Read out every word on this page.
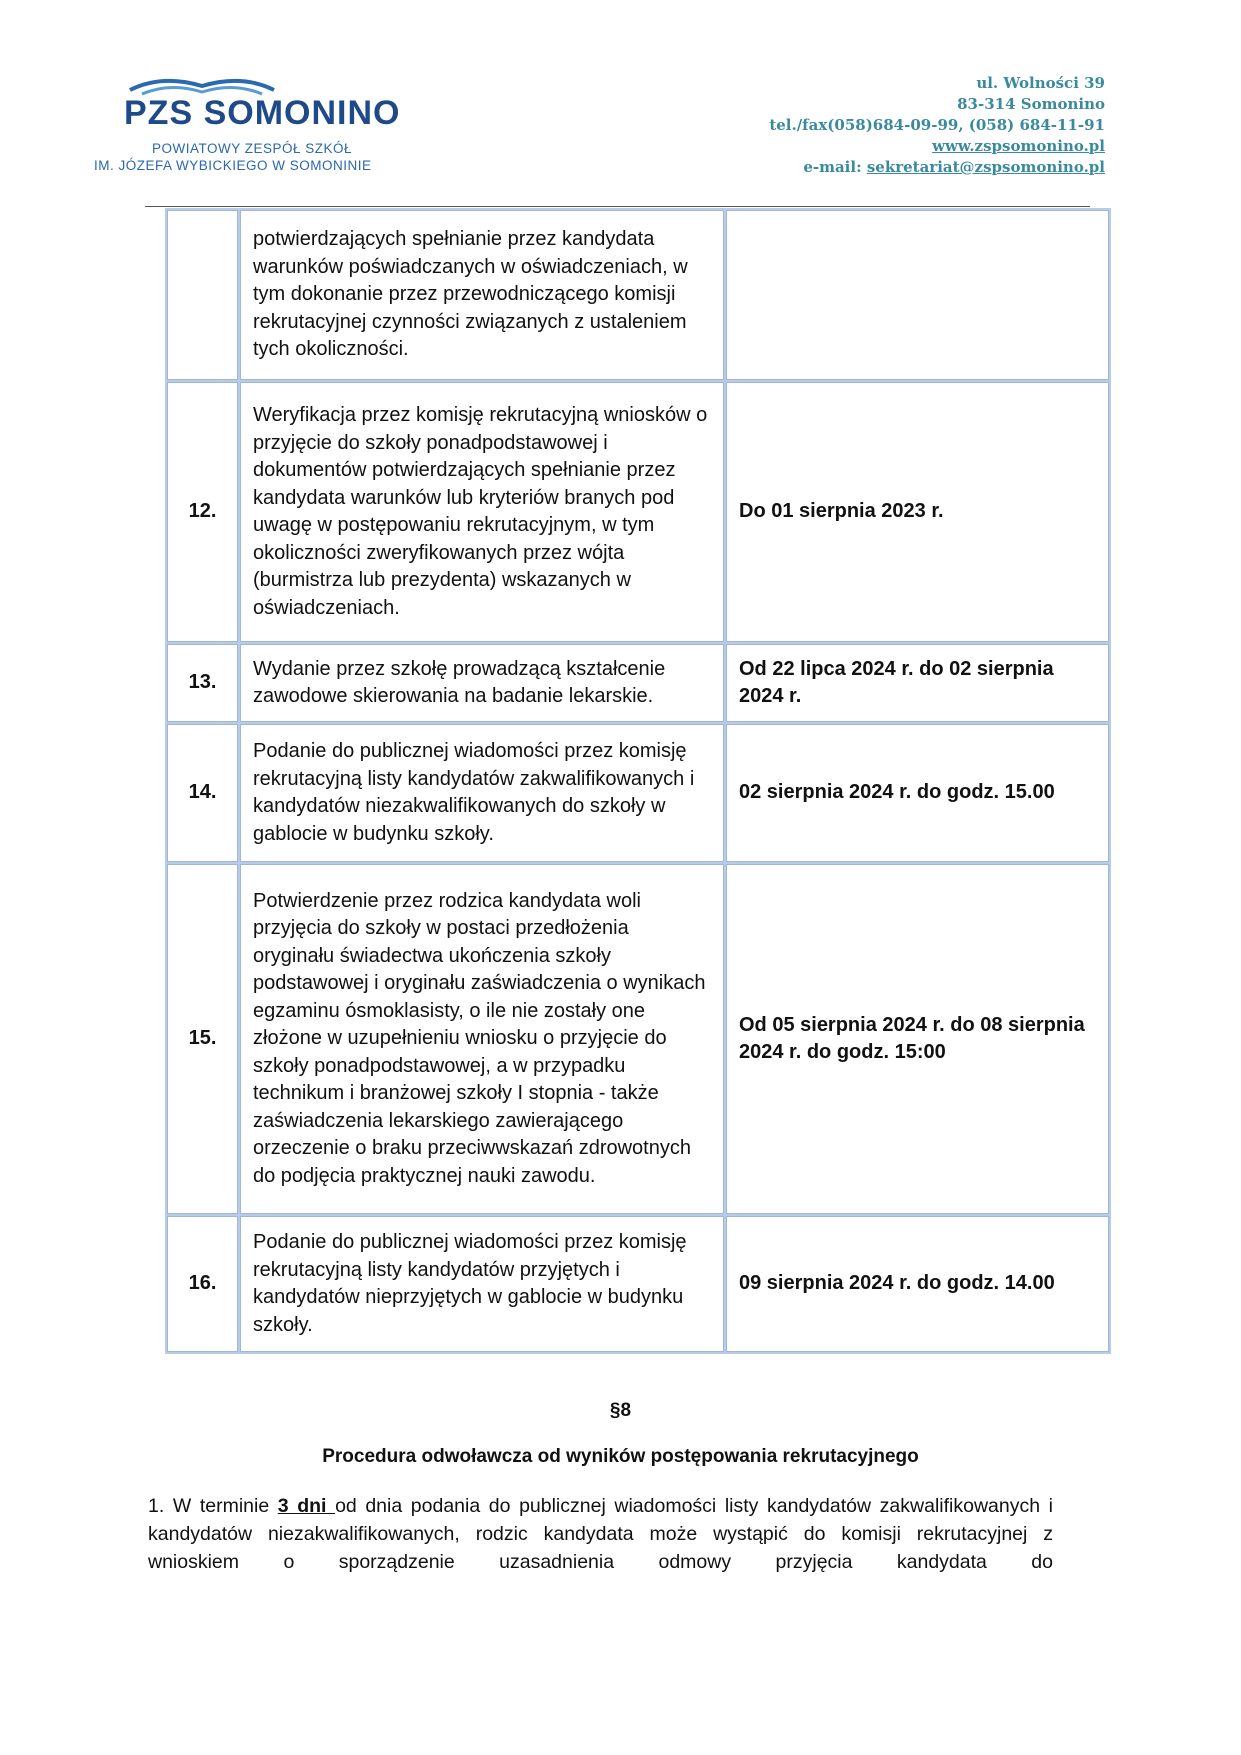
PZS SOMONINO
POWIATOWY ZESPÓŁ SZKÓŁ
IM. JÓZEFA WYBICKIEGO W SOMONINIE
ul. Wolności 39
83-314 Somonino
tel./fax(058)684-09-99, (058) 684-11-91
www.zspsomonino.pl
e-mail: sekretariat@zspsomonino.pl
	potwierdzających spełnianie przez kandydata warunków poświadczanych w oświadczeniach, w tym dokonanie przez przewodniczącego komisji rekrutacyjnej czynności związanych z ustaleniem tych okoliczności.	
12.	Weryfikacja przez komisję rekrutacyjną wniosków o przyjęcie do szkoły ponadpodstawowej i dokumentów potwierdzających spełnianie przez kandydata warunków lub kryteriów branych pod uwagę w postępowaniu rekrutacyjnym, w tym okoliczności zweryfikowanych przez wójta (burmistrza lub prezydenta) wskazanych w oświadczeniach.	Do 01 sierpnia 2023 r.
13.	Wydanie przez szkołę prowadzącą kształcenie zawodowe skierowania na badanie lekarskie.	Od 22 lipca 2024 r. do 02 sierpnia 2024 r.
14.	Podanie do publicznej wiadomości przez komisję rekrutacyjną listy kandydatów zakwalifikowanych i kandydatów niezakwalifikowanych do szkoły w gablocie w budynku szkoły.	02 sierpnia 2024 r. do godz. 15.00
15.	Potwierdzenie przez rodzica kandydata woli przyjęcia do szkoły w postaci przedłożenia oryginału świadectwa ukończenia szkoły podstawowej i oryginału zaświadczenia o wynikach egzaminu ósmoklasisty, o ile nie zostały one złożone w uzupełnieniu wniosku o przyjęcie do szkoły ponadpodstawowej, a w przypadku technikum i branżowej szkoły I stopnia - także zaświadczenia lekarskiego zawierającego orzeczenie o braku przeciwwskazań zdrowotnych do podjęcia praktycznej nauki zawodu.	Od 05 sierpnia 2024 r. do 08 sierpnia 2024 r. do godz. 15:00
16.	Podanie do publicznej wiadomości przez komisję rekrutacyjną listy kandydatów przyjętych i kandydatów nieprzyjętych w gablocie w budynku szkoły.	09 sierpnia 2024 r. do godz. 14.00
§8
Procedura odwoławcza od wyników postępowania rekrutacyjnego
1. W terminie 3 dni od dnia podania do publicznej wiadomości listy kandydatów zakwalifikowanych i kandydatów niezakwalifikowanych, rodzic kandydata może wystąpić do komisji rekrutacyjnej z wnioskiem o sporządzenie uzasadnienia odmowy przyjęcia kandydata do
